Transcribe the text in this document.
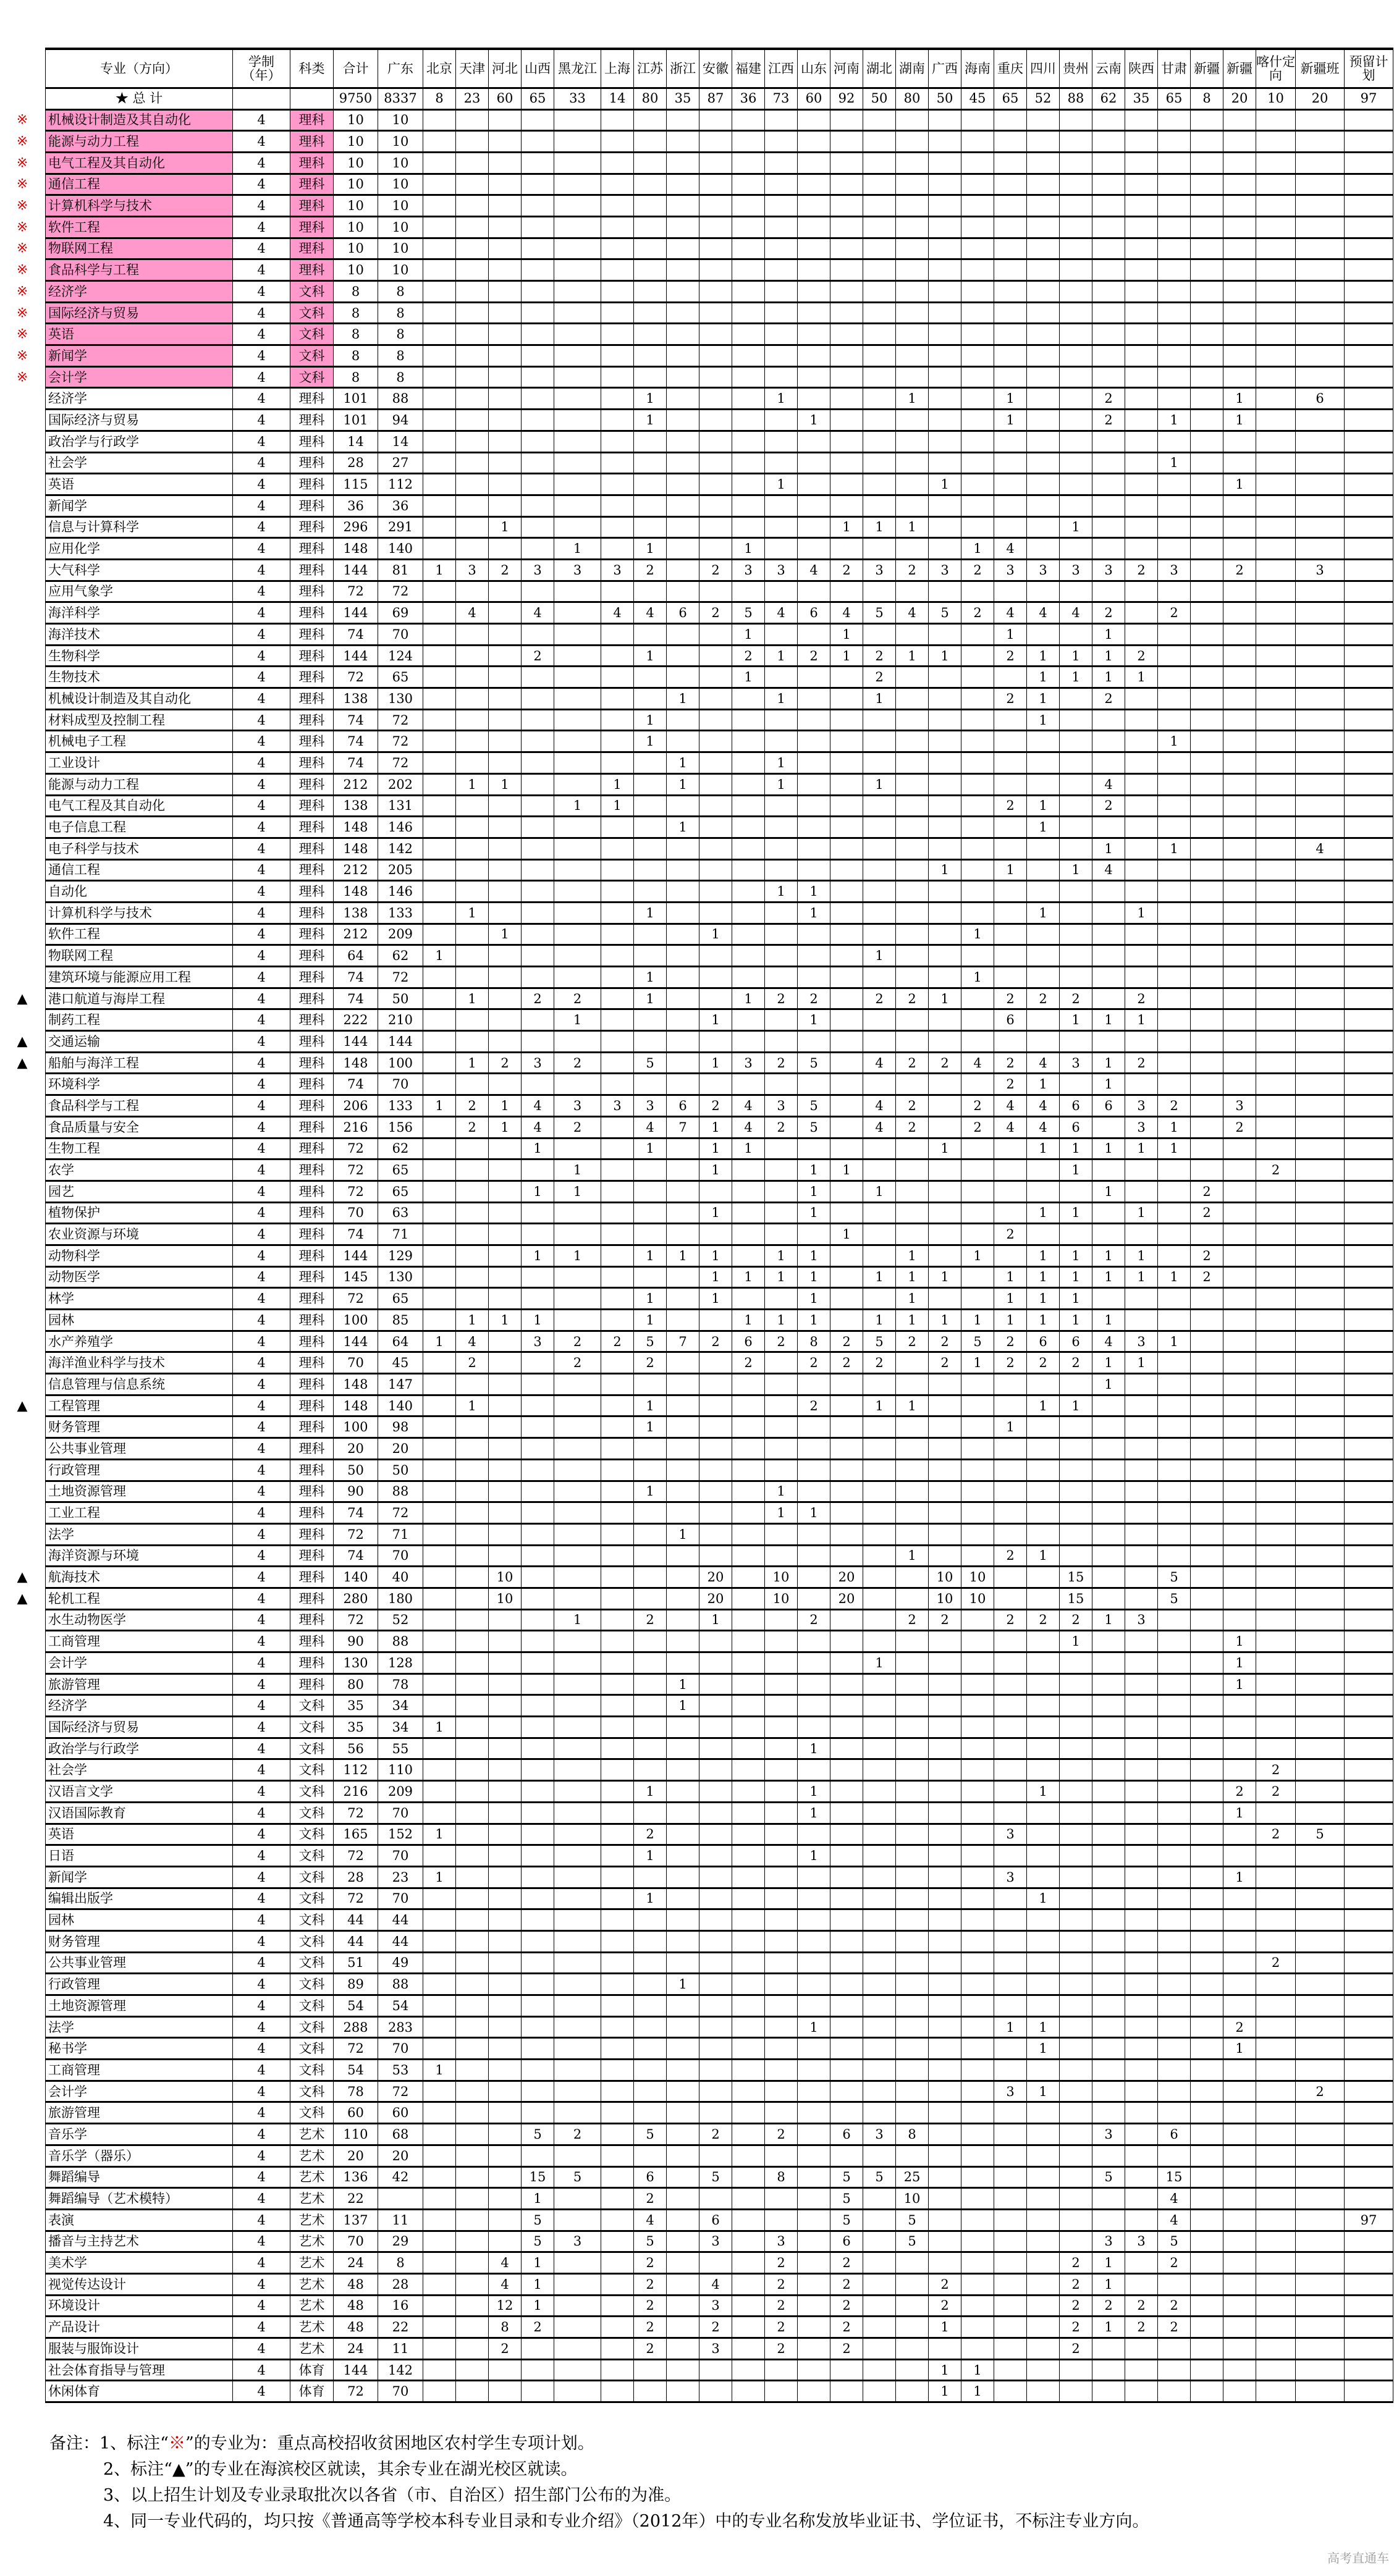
专业（方向）	学制（年）	科类	合计	广东	北京	天津	河北	山西	黑龙江	上海	江苏	浙江	安徽	福建	江西	山东	河南	湖北	湖南	广西	海南	重庆	四川	贵州	云南	陕西	甘肃	新疆	新疆	喀什定向	新疆班	预留计划
★ 总 计			9750	8337	8	23	60	65	33	14	80	35	87	36	73	60	92	50	80	50	45	65	52	88	62	35	65	8	20	10	20	97

※ 机械设计制造及其自动化	4	理科	10	10																												

※ 能源与动力工程	4	理科	10	10																												

※ 电气工程及其自动化	4	理科	10	10																												

※ 通信工程	4	理科	10	10																												

※ 计算机科学与技术	4	理科	10	10																												

※ 软件工程	4	理科	10	10																												

※ 物联网工程	4	理科	10	10																												

※ 食品科学与工程	4	理科	10	10																												

※ 经济学	4	文科	8	8																												

※ 国际经济与贸易	4	文科	8	8																												

※ 英语	4	文科	8	8																												

※ 新闻学	4	文科	8	8																												

※ 会计学	4	文科	8	8																												
经济学	4	理科	101	88							1				1				1			1			2				1		6	
国际经济与贸易	4	理科	101	94							1					1						1			2		1		1			
政治学与行政学	4	理科	14	14																												
社会学	4	理科	28	27																							1					
英语	4	理科	115	112											1					1									1			
新闻学	4	理科	36	36																												
信息与计算科学	4	理科	296	291			1										1	1	1					1								
应用化学	4	理科	148	140					1		1			1							1	4										
大气科学	4	理科	144	81	1	3	2	3	3	3	2		2	3	3	4	2	3	2	3	2	3	3	3	3	2	3		2		3	
应用气象学	4	理科	72	72																												
海洋科学	4	理科	144	69		4		4		4	4	6	2	5	4	6	4	5	4	5	2	4	4	4	2		2					
海洋技术	4	理科	74	70										1			1					1			1							
生物科学	4	理科	144	124				2			1			2	1	2	1	2	1	1		2	1	1	1	2						
生物技术	4	理科	72	65										1				2					1	1	1	1						
机械设计制造及其自动化	4	理科	138	130								1			1			1				2	1		2							
材料成型及控制工程	4	理科	74	72							1												1									
机械电子工程	4	理科	74	72							1																1					
工业设计	4	理科	74	72								1			1																	
能源与动力工程	4	理科	212	202		1	1			1		1			1			1							4							
电气工程及其自动化	4	理科	138	131					1	1												2	1		2							
电子信息工程	4	理科	148	146								1											1									
电子科学与技术	4	理科	148	142																					1		1				4	
通信工程	4	理科	212	205																1		1		1	4							
自动化	4	理科	148	146											1	1																
计算机科学与技术	4	理科	138	133		1					1					1							1			1						
软件工程	4	理科	212	209			1						1								1											
物联网工程	4	理科	64	62	1													1														
建筑环境与能源应用工程	4	理科	74	72							1										1											

▲ 港口航道与海岸工程	4	理科	74	50		1		2	2		1			1	2	2		2	2	1		2	2	2		2						
制药工程	4	理科	222	210					1				1			1						6		1	1	1						

▲ 交通运输	4	理科	144	144																												

▲ 船舶与海洋工程	4	理科	148	100		1	2	3	2		5		1	3	2	5		4	2	2	4	2	4	3	1	2						
环境科学	4	理科	74	70																		2	1		1							
食品科学与工程	4	理科	206	133	1	2	1	4	3	3	3	6	2	4	3	5		4	2		2	4	4	6	6	3	2		3			
食品质量与安全	4	理科	216	156		2	1	4	2		4	7	1	4	2	5		4	2		2	4	4	6		3	1		2			
生物工程	4	理科	72	62				1			1		1	1						1			1	1	1	1	1					
农学	4	理科	72	65					1				1			1	1							1						2		
园艺	4	理科	72	65				1	1							1		1							1			2				
植物保护	4	理科	70	63									1			1							1	1		1		2				
农业资源与环境	4	理科	74	71													1					2										
动物科学	4	理科	144	129				1	1		1	1	1		1	1			1		1		1	1	1	1		2				
动物医学	4	理科	145	130									1	1	1	1		1	1	1		1	1	1	1	1	1	2				
林学	4	理科	72	65							1		1			1			1			1	1	1								
园林	4	理科	100	85		1	1	1			1			1	1	1		1	1	1	1	1	1	1	1							
水产养殖学	4	理科	144	64	1	4		3	2	2	5	7	2	6	2	8	2	5	2	2	5	2	6	6	4	3	1					
海洋渔业科学与技术	4	理科	70	45		2			2		2			2		2	2	2		2	1	2	2	2	1	1						
信息管理与信息系统	4	理科	148	147																					1							

▲ 工程管理	4	理科	148	140		1					1					2		1	1				1	1								
财务管理	4	理科	100	98							1											1										
公共事业管理	4	理科	20	20																												
行政管理	4	理科	50	50																												
土地资源管理	4	理科	90	88							1				1																	
工业工程	4	理科	74	72											1	1																
法学	4	理科	72	71								1																				
海洋资源与环境	4	理科	74	70															1			2	1									

▲ 航海技术	4	理科	140	40			10						20		10		20			10	10			15			5					

▲ 轮机工程	4	理科	280	180			10						20		10		20			10	10			15			5					
水生动物医学	4	理科	72	52					1		2		1			2			2	2		2	2	2	1	3						
工商管理	4	理科	90	88																				1					1			
会计学	4	理科	130	128														1											1			
旅游管理	4	理科	80	78								1																	1			
经济学	4	文科	35	34								1																				
国际经济与贸易	4	文科	35	34	1																											
政治学与行政学	4	文科	56	55												1																
社会学	4	文科	112	110																										2		
汉语言文学	4	文科	216	209							1					1							1						2	2		
汉语国际教育	4	文科	72	70												1													1			
英语	4	文科	165	152	1						2											3								2	5	
日语	4	文科	72	70							1					1																
新闻学	4	文科	28	23	1																	3							1			
编辑出版学	4	文科	72	70							1												1									
园林	4	文科	44	44																												
财务管理	4	文科	44	44																												
公共事业管理	4	文科	51	49																										2		
行政管理	4	文科	89	88								1																				
土地资源管理	4	文科	54	54																												
法学	4	文科	288	283												1						1	1						2			
秘书学	4	文科	72	70																			1						1			
工商管理	4	文科	54	53	1																											
会计学	4	文科	78	72																		3	1								2	
旅游管理	4	文科	60	60																												
音乐学	4	艺术	110	68				5	2		5		2		2		6	3	8						3		6					
音乐学（器乐）	4	艺术	20	20																												
舞蹈编导	4	艺术	136	42				15	5		6		5		8		5	5	25						5		15					
舞蹈编导（艺术模特）	4	艺术	22					1			2						5		10								4					
表演	4	艺术	137	11				5			4		6				5		5								4					97
播音与主持艺术	4	艺术	70	29				5	3		5		3		3		6		5						3	3	5					
美术学	4	艺术	24	8			4	1			2				2		2							2	1		2					
视觉传达设计	4	艺术	48	28			4	1			2		4		2		2			2				2	1							
环境设计	4	艺术	48	16			12	1			2		3		2		2			2				2	2	2	2					
产品设计	4	艺术	48	22			8	2			2		2		2		2			1				2	1	2	2					
服装与服饰设计	4	艺术	24	11			2				2		3		2		2							2								
社会体育指导与管理	4	体育	144	142																1	1											
休闲体育	4	体育	72	70																1	1											
备注：1、标注“※”的专业为：重点高校招收贫困地区农村学生专项计划。
2、标注“▲”的专业在海滨校区就读，其余专业在湖光校区就读。
3、以上招生计划及专业录取批次以各省（市、自治区）招生部门公布的为准。
4、同一专业代码的，均只按《普通高等学校本科专业目录和专业介绍》（2012年）中的专业名称发放毕业证书、学位证书，不标注专业方向。
高考直通车
